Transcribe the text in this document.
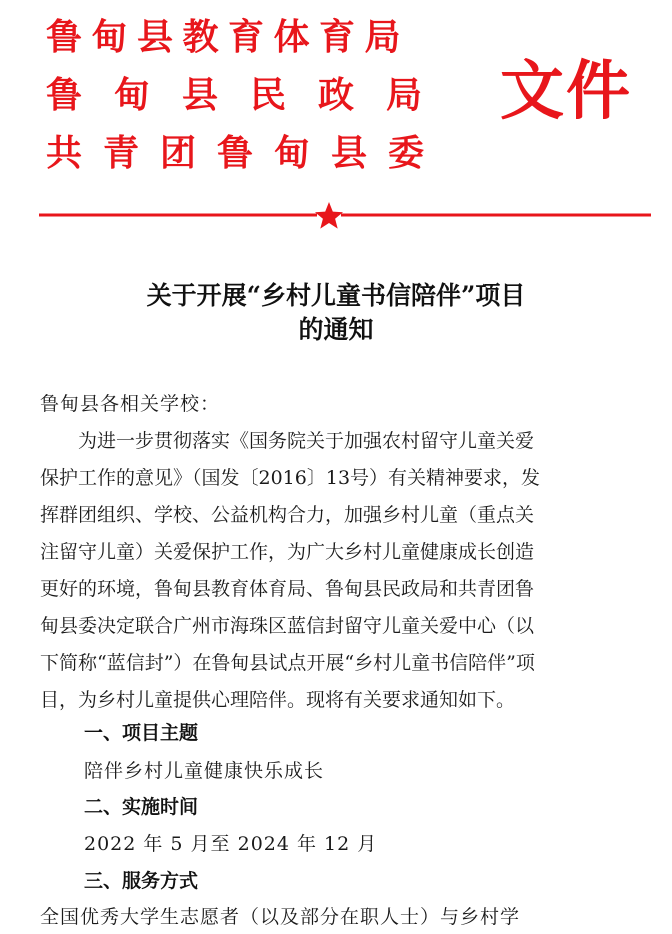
鲁甸县教育体育局
鲁甸县民政局
共青团鲁甸县委
文件
关于开展“乡村儿童书信陪伴”项目
的通知
鲁甸县各相关学校：
　　为进一步贯彻落实《国务院关于加强农村留守儿童关爱
保护工作的意见》（国发〔2016〕13号）有关精神要求，发
挥群团组织、学校、公益机构合力，加强乡村儿童（重点关
注留守儿童）关爱保护工作，为广大乡村儿童健康成长创造
更好的环境，鲁甸县教育体育局、鲁甸县民政局和共青团鲁
甸县委决定联合广州市海珠区蓝信封留守儿童关爱中心（以
下简称“蓝信封”）在鲁甸县试点开展“乡村儿童书信陪伴”项
目，为乡村儿童提供心理陪伴。现将有关要求通知如下。
一、项目主题
陪伴乡村儿童健康快乐成长
二、实施时间
2022 年 5 月至 2024 年 12 月
三、服务方式
全国优秀大学生志愿者（以及部分在职人士）与乡村学
